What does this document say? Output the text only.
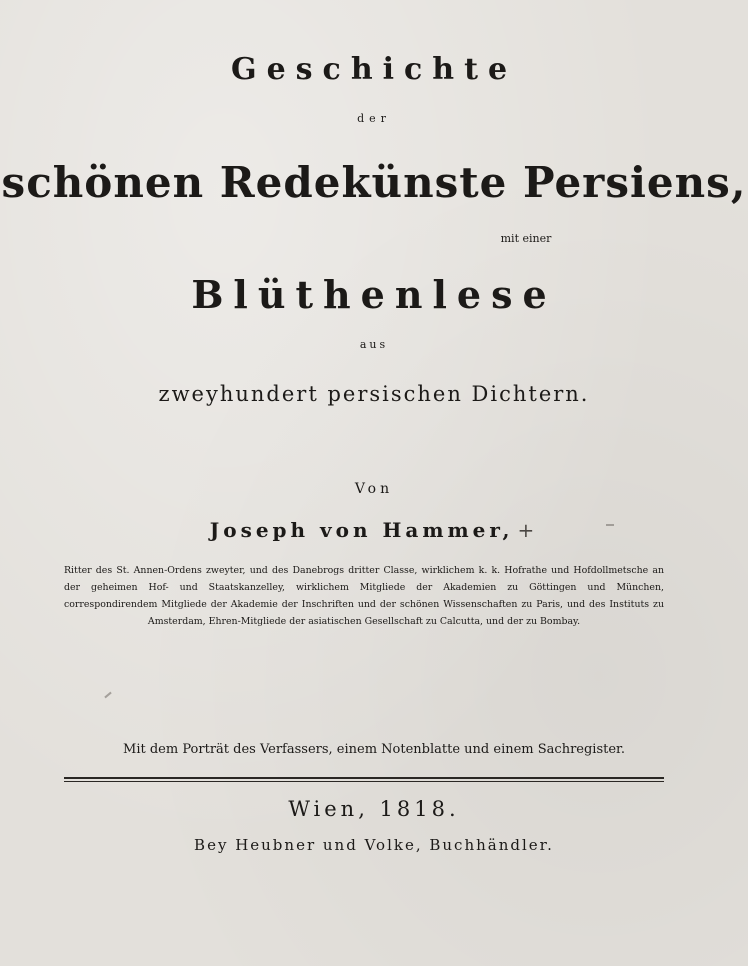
Geschichte
der
schönen Redekünste Persiens,
mit einer
Blüthenlese
aus
zweyhundert persischen Dichtern.
Von
Joseph von Hammer, +
Ritter des St. Annen-Ordens zweyter, und des Danebrogs dritter Classe, wirklichem k. k. Hofrathe und Hofdollmetsche an der geheimen Hof- und Staatskanzelley, wirklichem Mitgliede der Akademien zu Göttingen und München, correspondirendem Mitgliede der Akademie der Inschriften und der schönen Wissenschaften zu Paris, und des Instituts zu Amsterdam, Ehren-Mitgliede der asiatischen Gesellschaft zu Calcutta, und der zu Bombay.
Mit dem Porträt des Verfassers, einem Notenblatte und einem Sachregister.
Wien, 1818.
Bey Heubner und Volke, Buchhändler.
